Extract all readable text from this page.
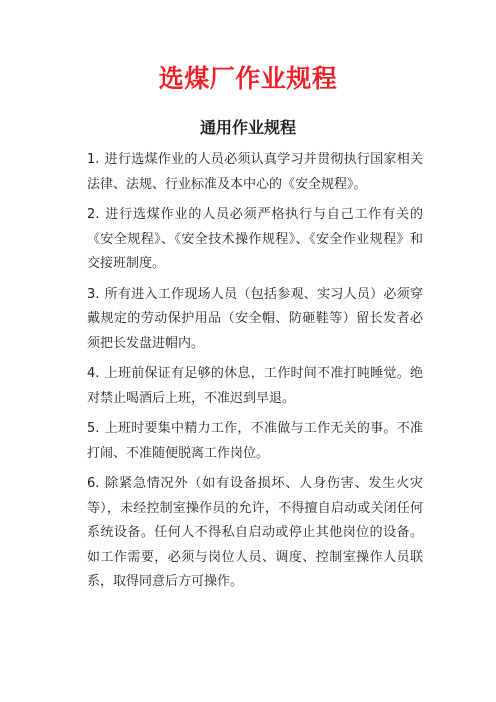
选煤厂作业规程
通用作业规程

1. 进行选煤作业的人员必须认真学习并贯彻执行国家相关法律、法规、行业标准及本中心的《安全规程》。

2. 进行选煤作业的人员必须严格执行与自己工作有关的《安全规程》、《安全技术操作规程》、《安全作业规程》和交接班制度。

3. 所有进入工作现场人员（包括参观、实习人员）必须穿戴规定的劳动保护用品（安全帽、防砸鞋等）留长发者必须把长发盘进帽内。

4. 上班前保证有足够的休息，工作时间不准打盹睡觉。绝对禁止喝酒后上班，不准迟到早退。

5. 上班时要集中精力工作，不准做与工作无关的事。不准打闹、不准随便脱离工作岗位。

6. 除紧急情况外（如有设备损坏、人身伤害、发生火灾等），未经控制室操作员的允许，不得擅自启动或关闭任何系统设备。任何人不得私自启动或停止其他岗位的设备。如工作需要，必须与岗位人员、调度、控制室操作人员联系，取得同意后方可操作。
